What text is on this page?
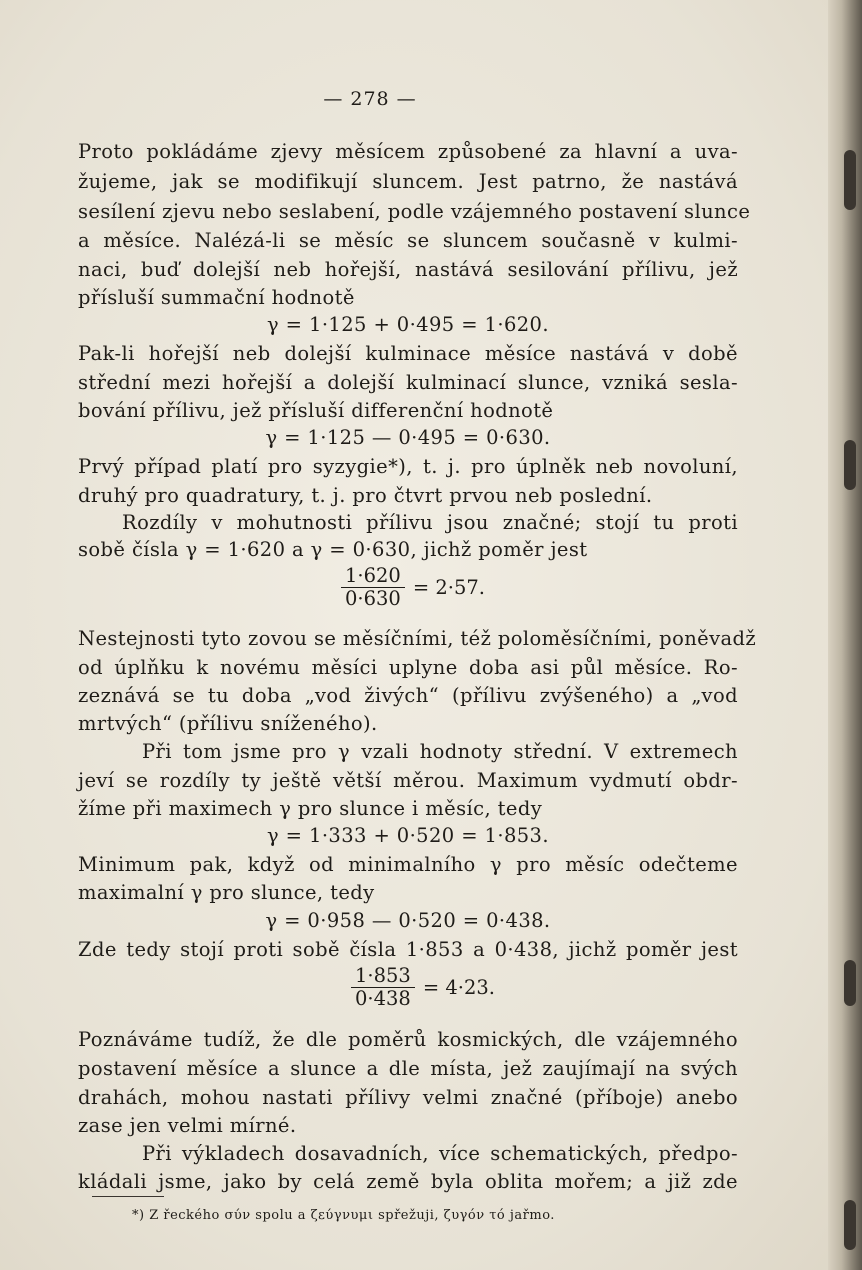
— 278 —
Proto pokládáme zjevy měsícem způsobené za hlavní a uva-
žujeme, jak se modifikují sluncem. Jest patrno, že nastává
sesílení zjevu nebo seslabení, podle vzájemného postavení slunce
a měsíce. Nalézá-li se měsíc se sluncem současně v kulmi-
naci, buď dolejší neb hořejší, nastává sesilování přílivu, jež
přísluší summační hodnotě
γ = 1·125 + 0·495 = 1·620.
Pak-li hořejší neb dolejší kulminace měsíce nastává v době
střední mezi hořejší a dolejší kulminací slunce, vzniká sesla-
bování přílivu, jež přísluší differenční hodnotě
γ = 1·125 — 0·495 = 0·630.
Prvý případ platí pro syzygie*), t. j. pro úplněk neb novoluní,
druhý pro quadratury, t. j. pro čtvrt prvou neb poslední.
Rozdíly v mohutnosti přílivu jsou značné; stojí tu proti
sobě čísla γ = 1·620 a γ = 0·630, jichž poměr jest
$\frac{1\cdot 620}{0\cdot 630} = 2\cdot 57$.
Nestejnosti tyto zovou se měsíčními, též poloměsíčními, poněvadž
od úplňku k novému měsíci uplyne doba asi půl měsíce. Ro-
zeznává se tu doba „vod živých“ (přílivu zvýšeného) a „vod
mrtvých“ (přílivu sníženého).
Při tom jsme pro γ vzali hodnoty střední. V extremech
jeví se rozdíly ty ještě větší měrou. Maximum vydmutí obdr-
žíme při maximech γ pro slunce i měsíc, tedy
γ = 1·333 + 0·520 = 1·853.
Minimum pak, když od minimalního γ pro měsíc odečteme
maximalní γ pro slunce, tedy
γ = 0·958 — 0·520 = 0·438.
Zde tedy stojí proti sobě čísla 1·853 a 0·438, jichž poměr jest
$\frac{1\cdot 853}{0\cdot 438} = 4\cdot 23$.
Poznáváme tudíž, že dle poměrů kosmických, dle vzájemného
postavení měsíce a slunce a dle místa, jež zaujímají na svých
drahách, mohou nastati přílivy velmi značné (příboje) anebo
zase jen velmi mírné.
Při výkladech dosavadních, více schematických, předpo-
kládali jsme, jako by celá země byla oblita mořem; a již zde
*) Z řeckého σύν spolu a ζεύγνυμι spřežuji, ζυγόν τό jařmo.
